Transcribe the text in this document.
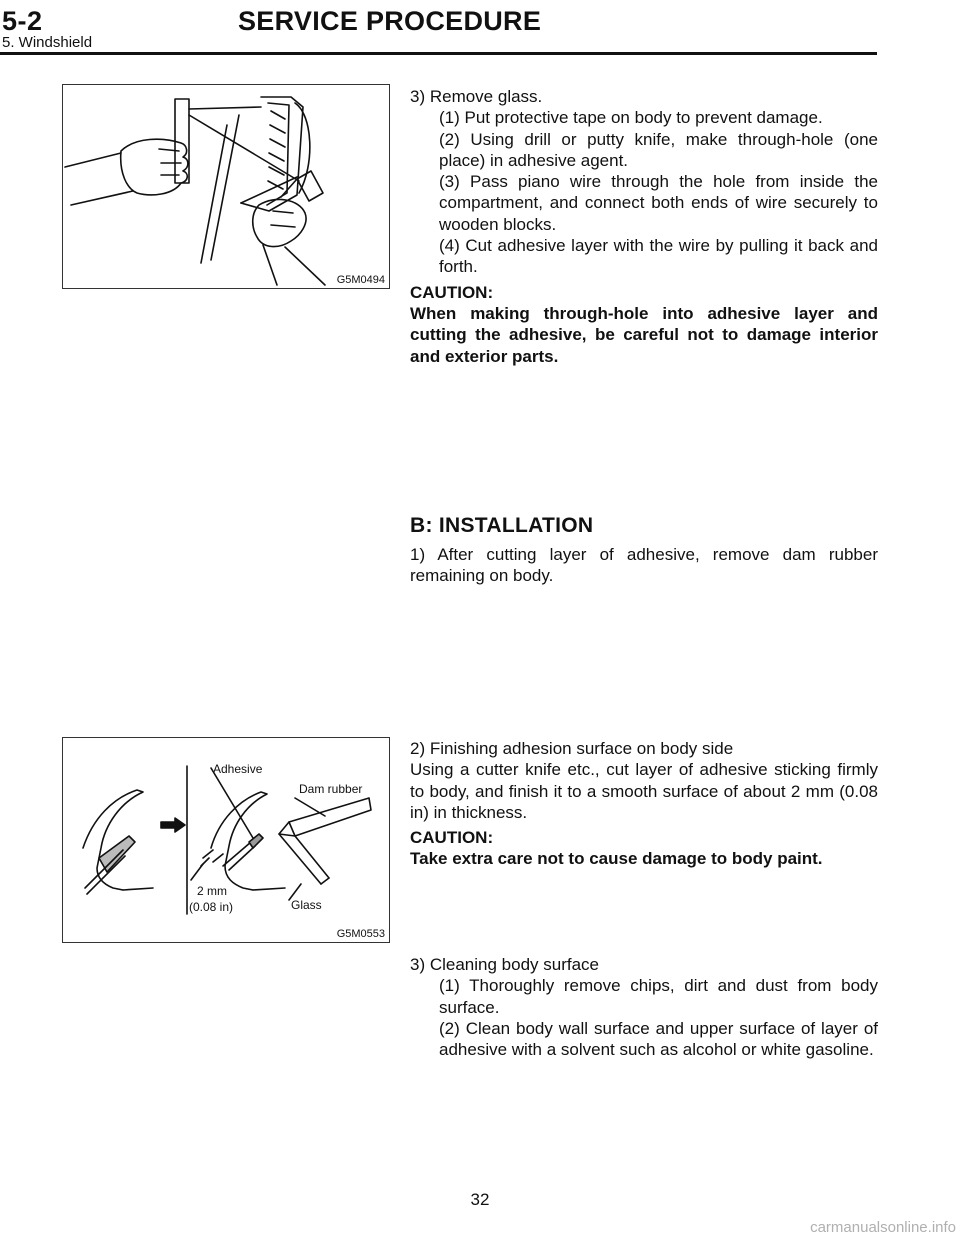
5-2	SERVICE PROCEDURE
5. Windshield
G5M0494

3) Remove glass.

(1) Put protective tape on body to prevent damage.

(2) Using drill or putty knife, make through-hole (one place) in adhesive agent.

(3) Pass piano wire through the hole from inside the compartment, and connect both ends of wire securely to wooden blocks.

(4) Cut adhesive layer with the wire by pulling it back and forth.

CAUTION:

When making through-hole into adhesive layer and cutting the adhesive, be careful not to damage interior and exterior parts.

B: INSTALLATION

1) After cutting layer of adhesive, remove dam rubber remaining on body.

Adhesive
Dam rubber
2 mm
(0.08 in)	Glass
G5M0553

2) Finishing adhesion surface on body side

Using a cutter knife etc., cut layer of adhesive sticking firmly to body, and finish it to a smooth surface of about 2 mm (0.08 in) in thickness.

CAUTION:

Take extra care not to cause damage to body paint.

3) Cleaning body surface

(1) Thoroughly remove chips, dirt and dust from body surface.

(2) Clean body wall surface and upper surface of layer of adhesive with a solvent such as alcohol or white gasoline.

32
carmanualsonline.info
